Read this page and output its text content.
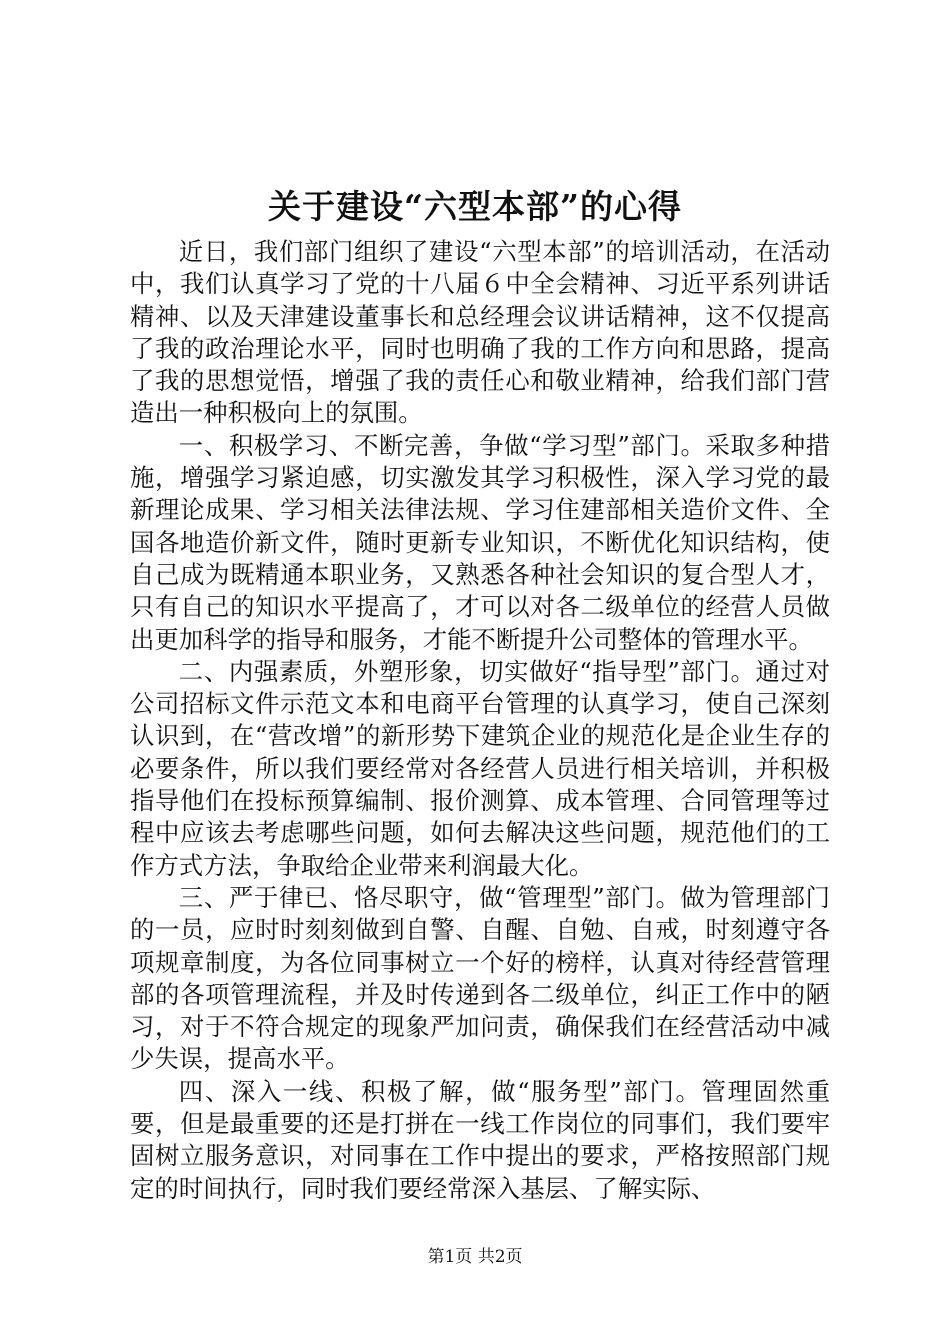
关于建设“六型本部”的心得

近日，我们部门组织了建设“六型本部”的培训活动，在活动中，我们认真学习了党的十八届６中全会精神、习近平系列讲话精神、以及天津建设董事长和总经理会议讲话精神，这不仅提高了我的政治理论水平，同时也明确了我的工作方向和思路，提高了我的思想觉悟，增强了我的责任心和敬业精神，给我们部门营造出一种积极向上的氛围。

一、积极学习、不断完善，争做“学习型”部门。采取多种措施，增强学习紧迫感，切实激发其学习积极性，深入学习党的最新理论成果、学习相关法律法规、学习住建部相关造价文件、全国各地造价新文件，随时更新专业知识，不断优化知识结构，使自己成为既精通本职业务，又熟悉各种社会知识的复合型人才，只有自己的知识水平提高了，才可以对各二级单位的经营人员做出更加科学的指导和服务，才能不断提升公司整体的管理水平。

二、内强素质，外塑形象，切实做好“指导型”部门。通过对公司招标文件示范文本和电商平台管理的认真学习，使自己深刻认识到，在“营改增”的新形势下建筑企业的规范化是企业生存的必要条件，所以我们要经常对各经营人员进行相关培训，并积极指导他们在投标预算编制、报价测算、成本管理、合同管理等过程中应该去考虑哪些问题，如何去解决这些问题，规范他们的工作方式方法，争取给企业带来利润最大化。

三、严于律已、恪尽职守，做“管理型”部门。做为管理部门的一员，应时时刻刻做到自警、自醒、自勉、自戒，时刻遵守各项规章制度，为各位同事树立一个好的榜样，认真对待经营管理部的各项管理流程，并及时传递到各二级单位，纠正工作中的陋习，对于不符合规定的现象严加问责，确保我们在经营活动中减少失误，提高水平。

四、深入一线、积极了解，做“服务型”部门。管理固然重要，但是最重要的还是打拼在一线工作岗位的同事们，我们要牢固树立服务意识，对同事在工作中提出的要求，严格按照部门规定的时间执行，同时我们要经常深入基层、了解实际、

第1页 共2页
